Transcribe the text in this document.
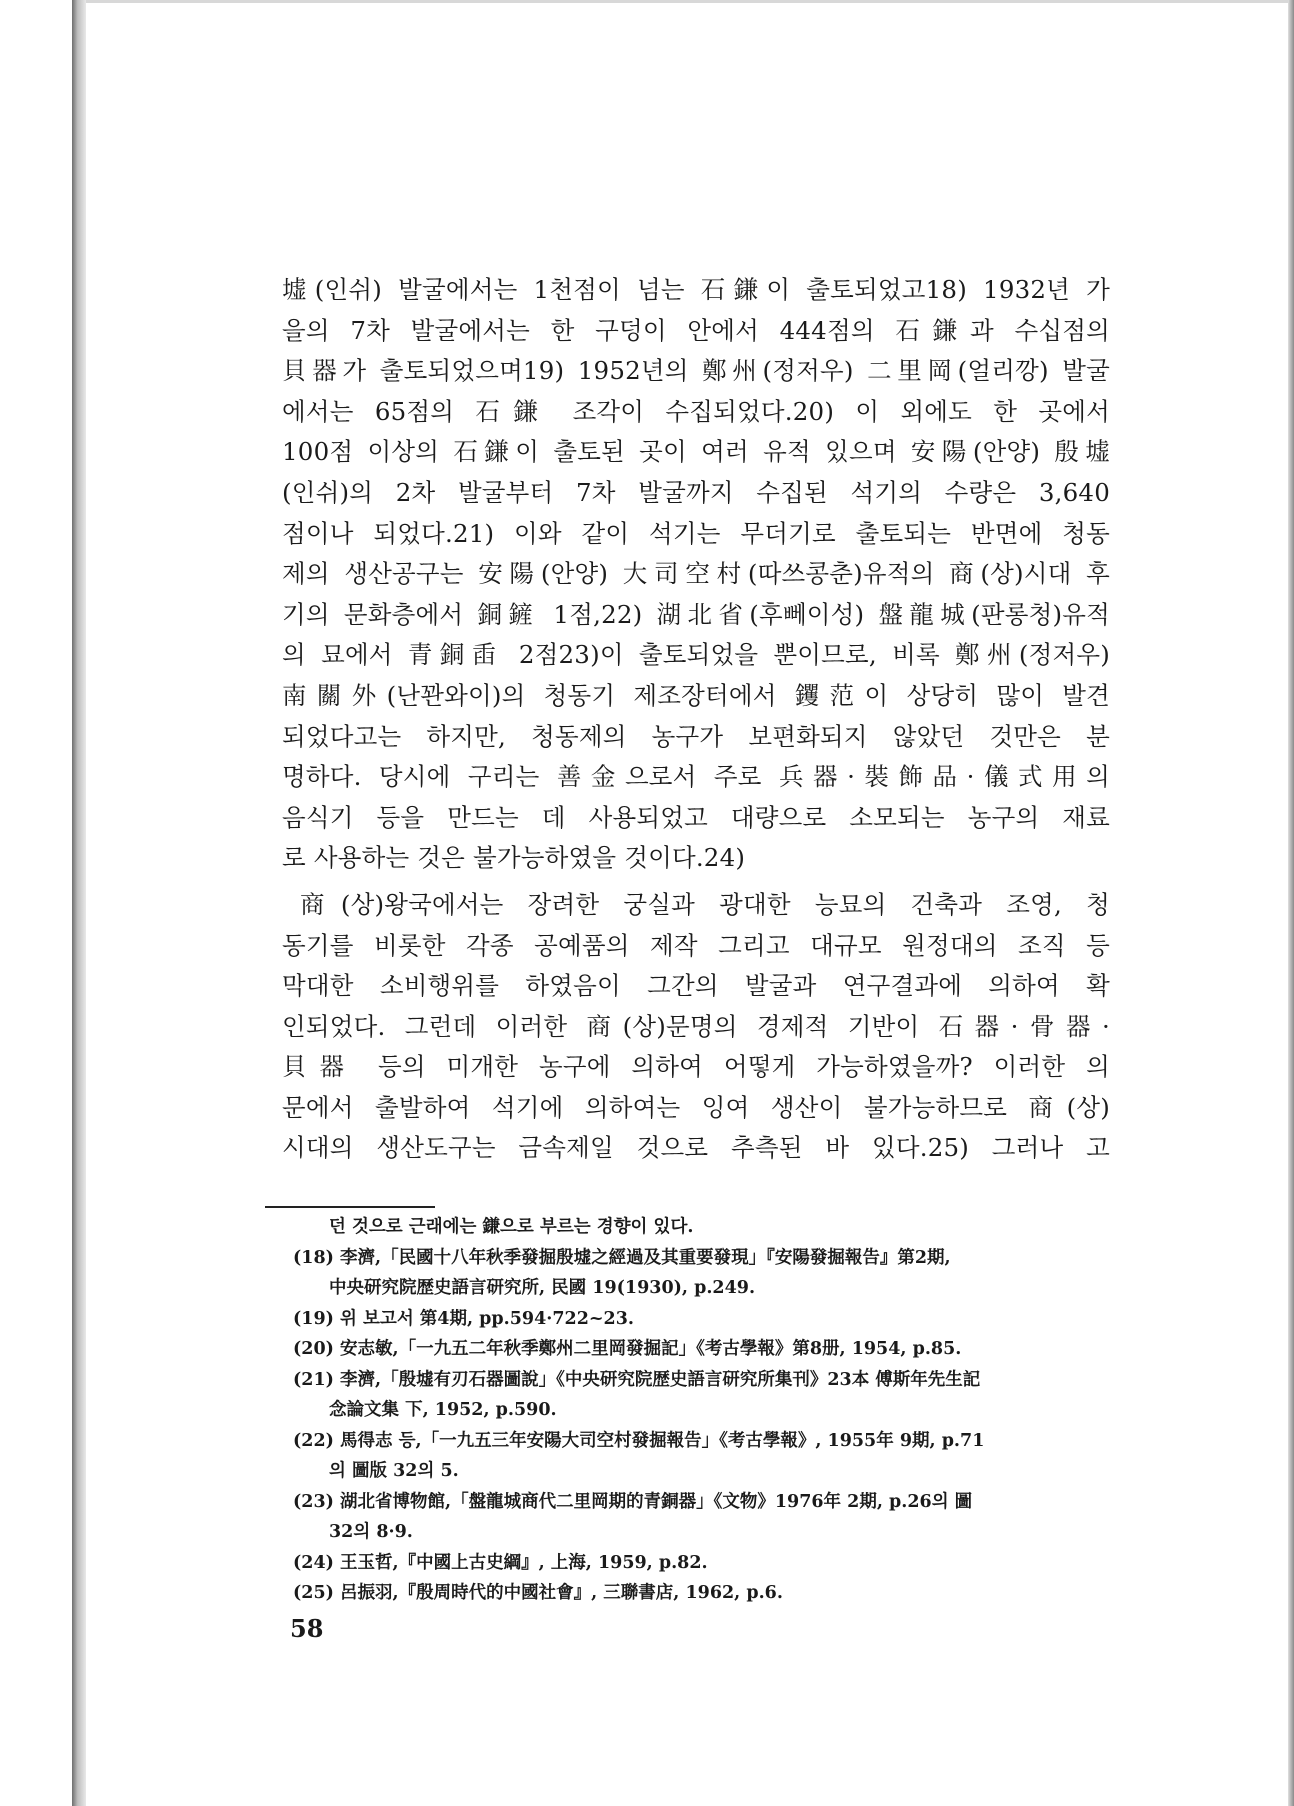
墟(인쉬) 발굴에서는 1천점이 넘는 石鎌이 출토되었고18) 1932년 가
을의 7차 발굴에서는 한 구덩이 안에서 444점의 石鎌과 수십점의
貝器가 출토되었으며19) 1952년의 鄭州(정저우) 二里岡(얼리깡) 발굴
에서는 65점의 石鎌 조각이 수집되었다.20) 이 외에도 한 곳에서
100점 이상의 石鎌이 출토된 곳이 여러 유적 있으며 安陽(안양) 殷墟
(인쉬)의 2차 발굴부터 7차 발굴까지 수집된 석기의 수량은 3,640
점이나 되었다.21) 이와 같이 석기는 무더기로 출토되는 반면에 청동
제의 생산공구는 安陽(안양) 大司空村(따쓰콩춘)유적의 商(상)시대 후
기의 문화층에서 銅鏟 1점,22) 湖北省(후뻬이성) 盤龍城(판롱청)유적
의 묘에서 青銅臿 2점23)이 출토되었을 뿐이므로, 비록 鄭州(정저우)
南關外(난꽌와이)의 청동기 제조장터에서 钁范이 상당히 많이 발견
되었다고는 하지만, 청동제의 농구가 보편화되지 않았던 것만은 분
명하다. 당시에 구리는 善金으로서 주로 兵器·裝飾品·儀式用의
음식기 등을 만드는 데 사용되었고 대량으로 소모되는 농구의 재료
로 사용하는 것은 불가능하였을 것이다.24)
商(상)왕국에서는 장려한 궁실과 광대한 능묘의 건축과 조영, 청
동기를 비롯한 각종 공예품의 제작 그리고 대규모 원정대의 조직 등
막대한 소비행위를 하였음이 그간의 발굴과 연구결과에 의하여 확
인되었다. 그런데 이러한 商(상)문명의 경제적 기반이 石器·骨器·
貝器 등의 미개한 농구에 의하여 어떻게 가능하였을까? 이러한 의
문에서 출발하여 석기에 의하여는 잉여 생산이 불가능하므로 商(상)
시대의 생산도구는 금속제일 것으로 추측된 바 있다.25) 그러나 고
던 것으로 근래에는 鎌으로 부르는 경향이 있다.
(18) 李濟,「民國十八年秋季發掘殷墟之經過及其重要發現」『安陽發掘報告』第2期,
中央研究院歴史語言研究所, 民國 19(1930), p.249.
(19) 위 보고서 第4期, pp.594·722~23.
(20) 安志敏,「一九五二年秋季鄭州二里岡發掘記」《考古學報》第8册, 1954, p.85.
(21) 李濟,「殷墟有刃石器圖說」《中央研究院歴史語言研究所集刊》23本 傅斯年先生記
念論文集 下, 1952, p.590.
(22) 馬得志 등,「一九五三年安陽大司空村發掘報告」《考古學報》, 1955年 9期, p.71
의 圖版 32의 5.
(23) 湖北省博物館,「盤龍城商代二里岡期的青銅器」《文物》1976年 2期, p.26의 圖
32의 8·9.
(24) 王玉哲,『中國上古史綱』, 上海, 1959, p.82.
(25) 呂振羽,『殷周時代的中國社會』, 三聯書店, 1962, p.6.
58
